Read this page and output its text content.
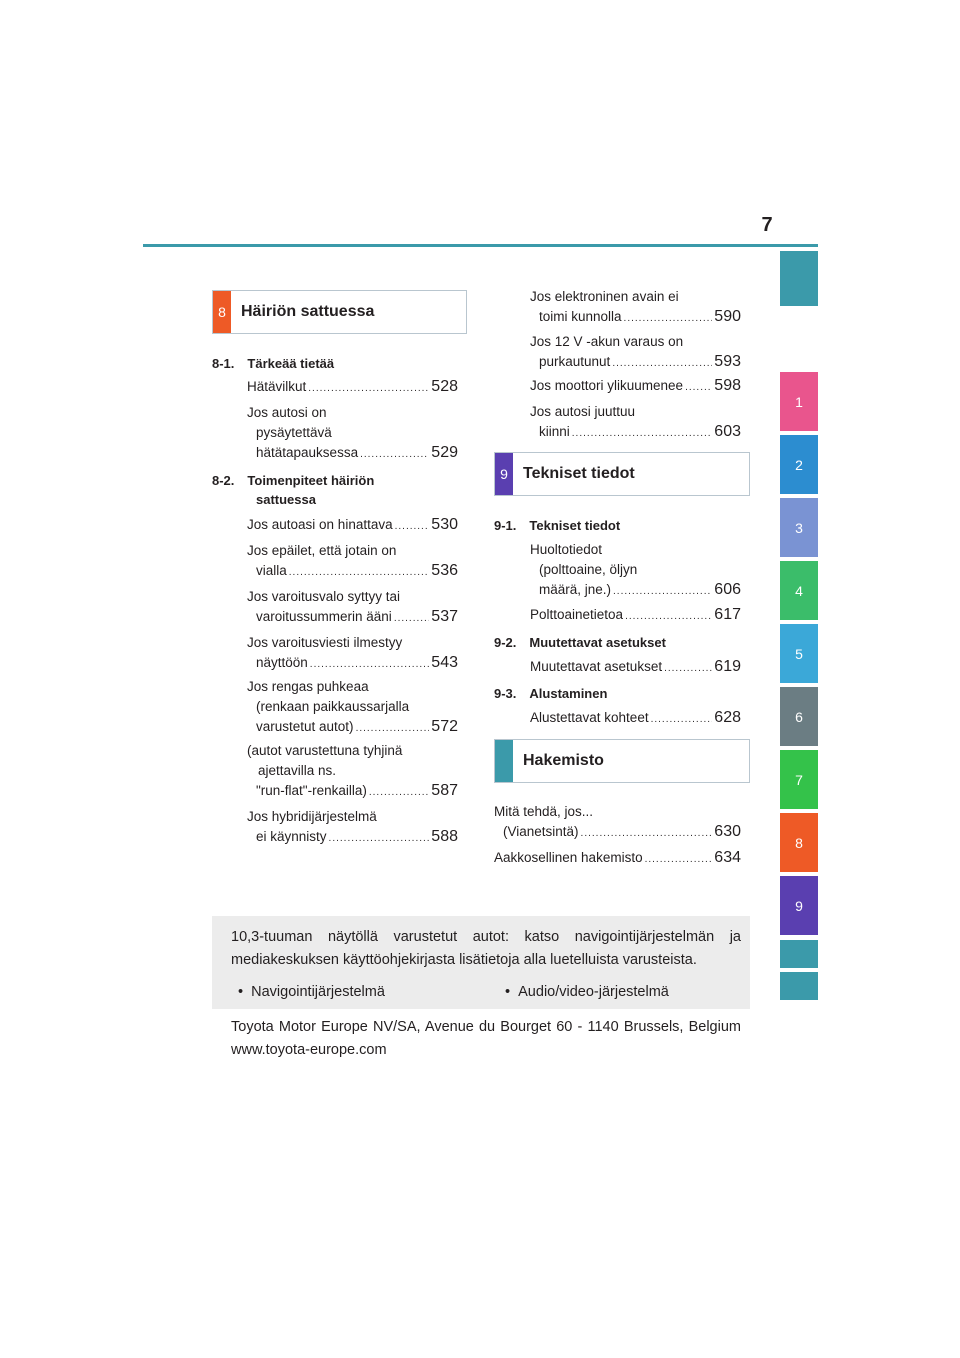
7
1
2
3
4
5
6
7
8
9
8 Häiriön sattuessa
8-1. Tärkeää tietää
Hätävilkut .....	528
Jos autosi on
pysäytettävä
hätätapauksessa .....	529
8-2. Toimenpiteet häiriön
sattuessa
Jos autoasi on hinattava ..... 530
Jos epäilet, että jotain on
vialla .....	536
Jos varoitusvalo syttyy tai
varoitussummerin ääni ..... 537
Jos varoitusviesti ilmestyy
näyttöön .....	543
Jos rengas puhkeaa
(renkaan paikkaussarjalla
varustetut autot) .....	572
(autot varustettuna tyhjinä
ajettavilla ns.
"run-flat"-renkailla) .....	587
Jos hybridijärjestelmä
ei käynnisty .....	588
Jos elektroninen avain ei
toimi kunnolla .....	590
Jos 12 V -akun varaus on
purkautunut .....	593
Jos moottori ylikuumenee ..... 598
Jos autosi juuttuu
kiinni .....	603
9 Tekniset tiedot
9-1. Tekniset tiedot
Huoltotiedot
(polttoaine, öljyn
määrä, jne.) .....	606
Polttoainetietoa .....	617
9-2. Muutettavat asetukset
Muutettavat asetukset .....	619
9-3. Alustaminen
Alustettavat kohteet .....	628
Hakemisto
Mitä tehdä, jos...
(Vianetsintä) .....	630
Aakkosellinen hakemisto .....	634
10,3-tuuman näytöllä varustetut autot: katso navigointijärjestelmän ja mediakeskuksen käyttöohjekirjasta lisätietoja alla luetelluista varusteista.
•  Navigointijärjestelmä	•  Audio/video-järjestelmä
Toyota Motor Europe NV/SA, Avenue du Bourget 60 - 1140 Brussels, Belgium www.toyota-europe.com
